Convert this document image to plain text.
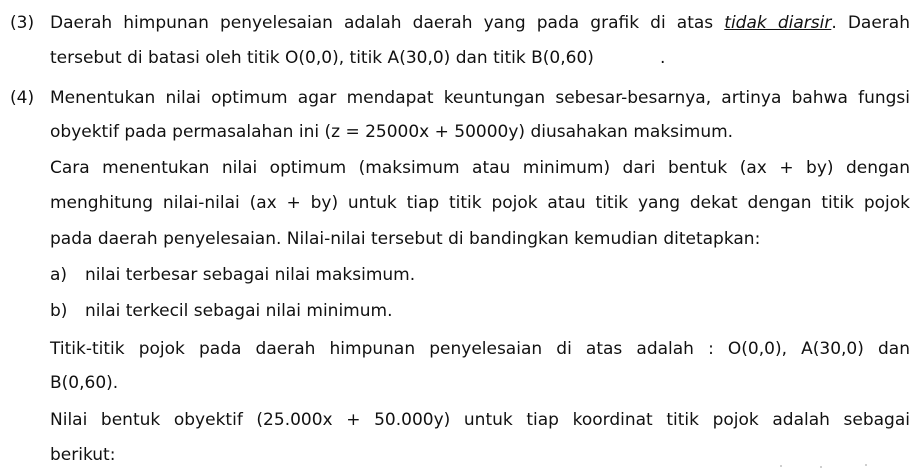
(3) Daerah himpunan penyelesaian adalah daerah yang pada grafik di atas tidak diarsir. Daerah
tersebut di batasi oleh titik O(0,0), titik A(30,0) dan titik B(0,60)	.
(4) Menentukan nilai optimum agar mendapat keuntungan sebesar-besarnya, artinya bahwa fungsi
obyektif pada permasalahan ini (z = 25000x + 50000y) diusahakan maksimum.
Cara menentukan nilai optimum (maksimum atau minimum) dari bentuk (ax + by) dengan
menghitung nilai-nilai (ax + by) untuk tiap titik pojok atau titik yang dekat dengan titik pojok
pada daerah penyelesaian. Nilai-nilai tersebut di bandingkan kemudian ditetapkan:
a) nilai terbesar sebagai nilai maksimum.
b) nilai terkecil sebagai nilai minimum.
Titik-titik pojok pada daerah himpunan penyelesaian di atas adalah : O(0,0), A(30,0) dan
B(0,60).
Nilai bentuk obyektif (25.000x + 50.000y) untuk tiap koordinat titik pojok adalah sebagai
berikut:
